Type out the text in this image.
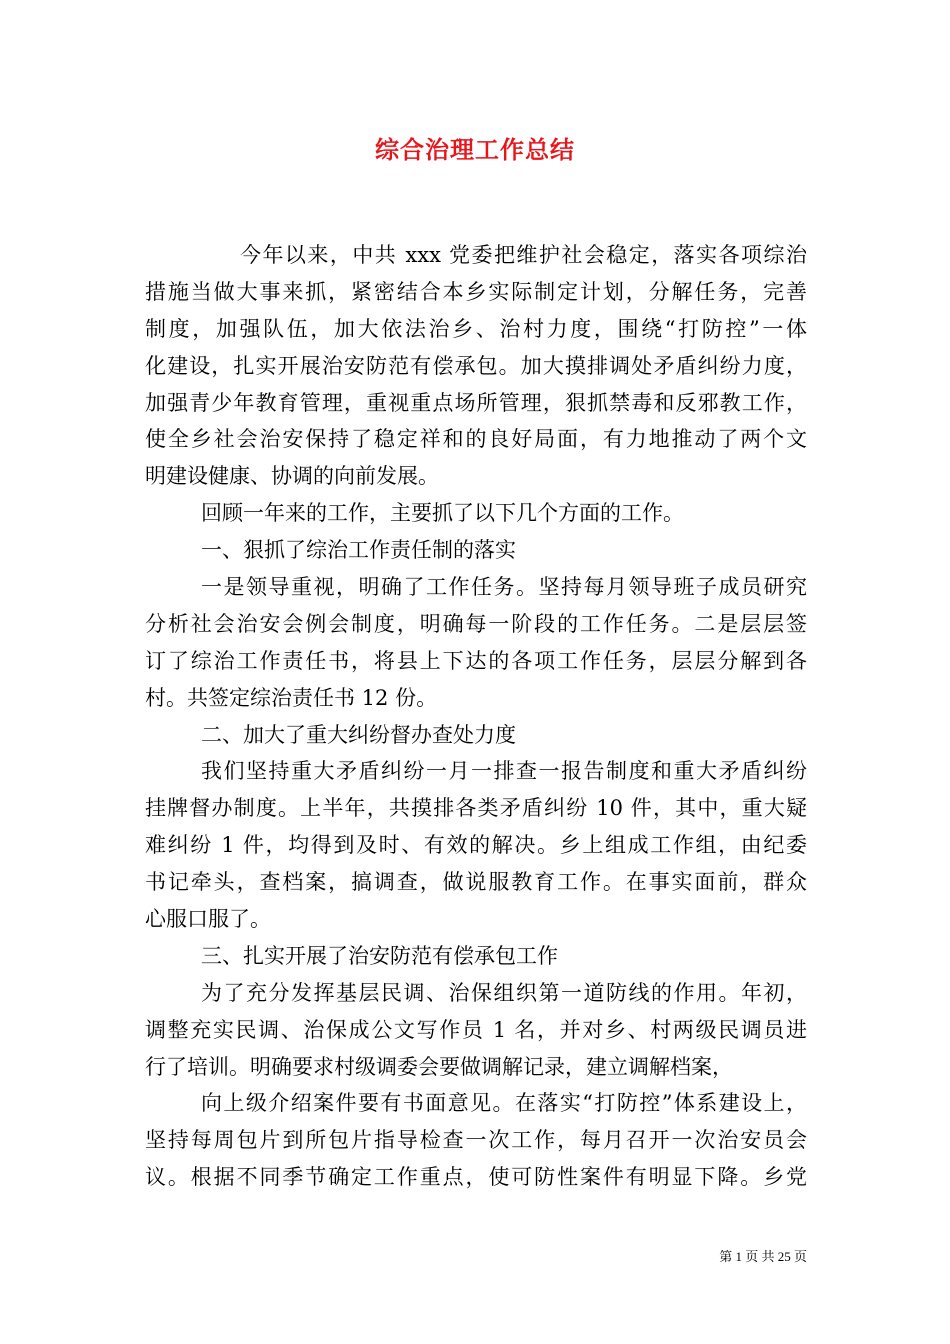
综合治理工作总结
今年以来，中共 xxx 党委把维护社会稳定，落实各项综治
措施当做大事来抓，紧密结合本乡实际制定计划，分解任务，完善
制度，加强队伍，加大依法治乡、治村力度，围绕“打防控”一体
化建设，扎实开展治安防范有偿承包。加大摸排调处矛盾纠纷力度，
加强青少年教育管理，重视重点场所管理，狠抓禁毒和反邪教工作，
使全乡社会治安保持了稳定祥和的良好局面，有力地推动了两个文
明建设健康、协调的向前发展。
回顾一年来的工作，主要抓了以下几个方面的工作。
一、狠抓了综治工作责任制的落实
一是领导重视，明确了工作任务。坚持每月领导班子成员研究
分析社会治安会例会制度，明确每一阶段的工作任务。二是层层签
订了综治工作责任书，将县上下达的各项工作任务，层层分解到各
村。共签定综治责任书 12 份。
二、加大了重大纠纷督办查处力度
我们坚持重大矛盾纠纷一月一排查一报告制度和重大矛盾纠纷
挂牌督办制度。上半年，共摸排各类矛盾纠纷 10 件，其中，重大疑
难纠纷 1 件，均得到及时、有效的解决。乡上组成工作组，由纪委
书记牵头，查档案，搞调查，做说服教育工作。在事实面前，群众
心服口服了。
三、扎实开展了治安防范有偿承包工作
为了充分发挥基层民调、治保组织第一道防线的作用。年初，
调整充实民调、治保成公文写作员 1 名，并对乡、村两级民调员进
行了培训。明确要求村级调委会要做调解记录，建立调解档案，
向上级介绍案件要有书面意见。在落实“打防控”体系建设上，
坚持每周包片到所包片指导检查一次工作，每月召开一次治安员会
议。根据不同季节确定工作重点，使可防性案件有明显下降。乡党
第 1 页 共 25 页
